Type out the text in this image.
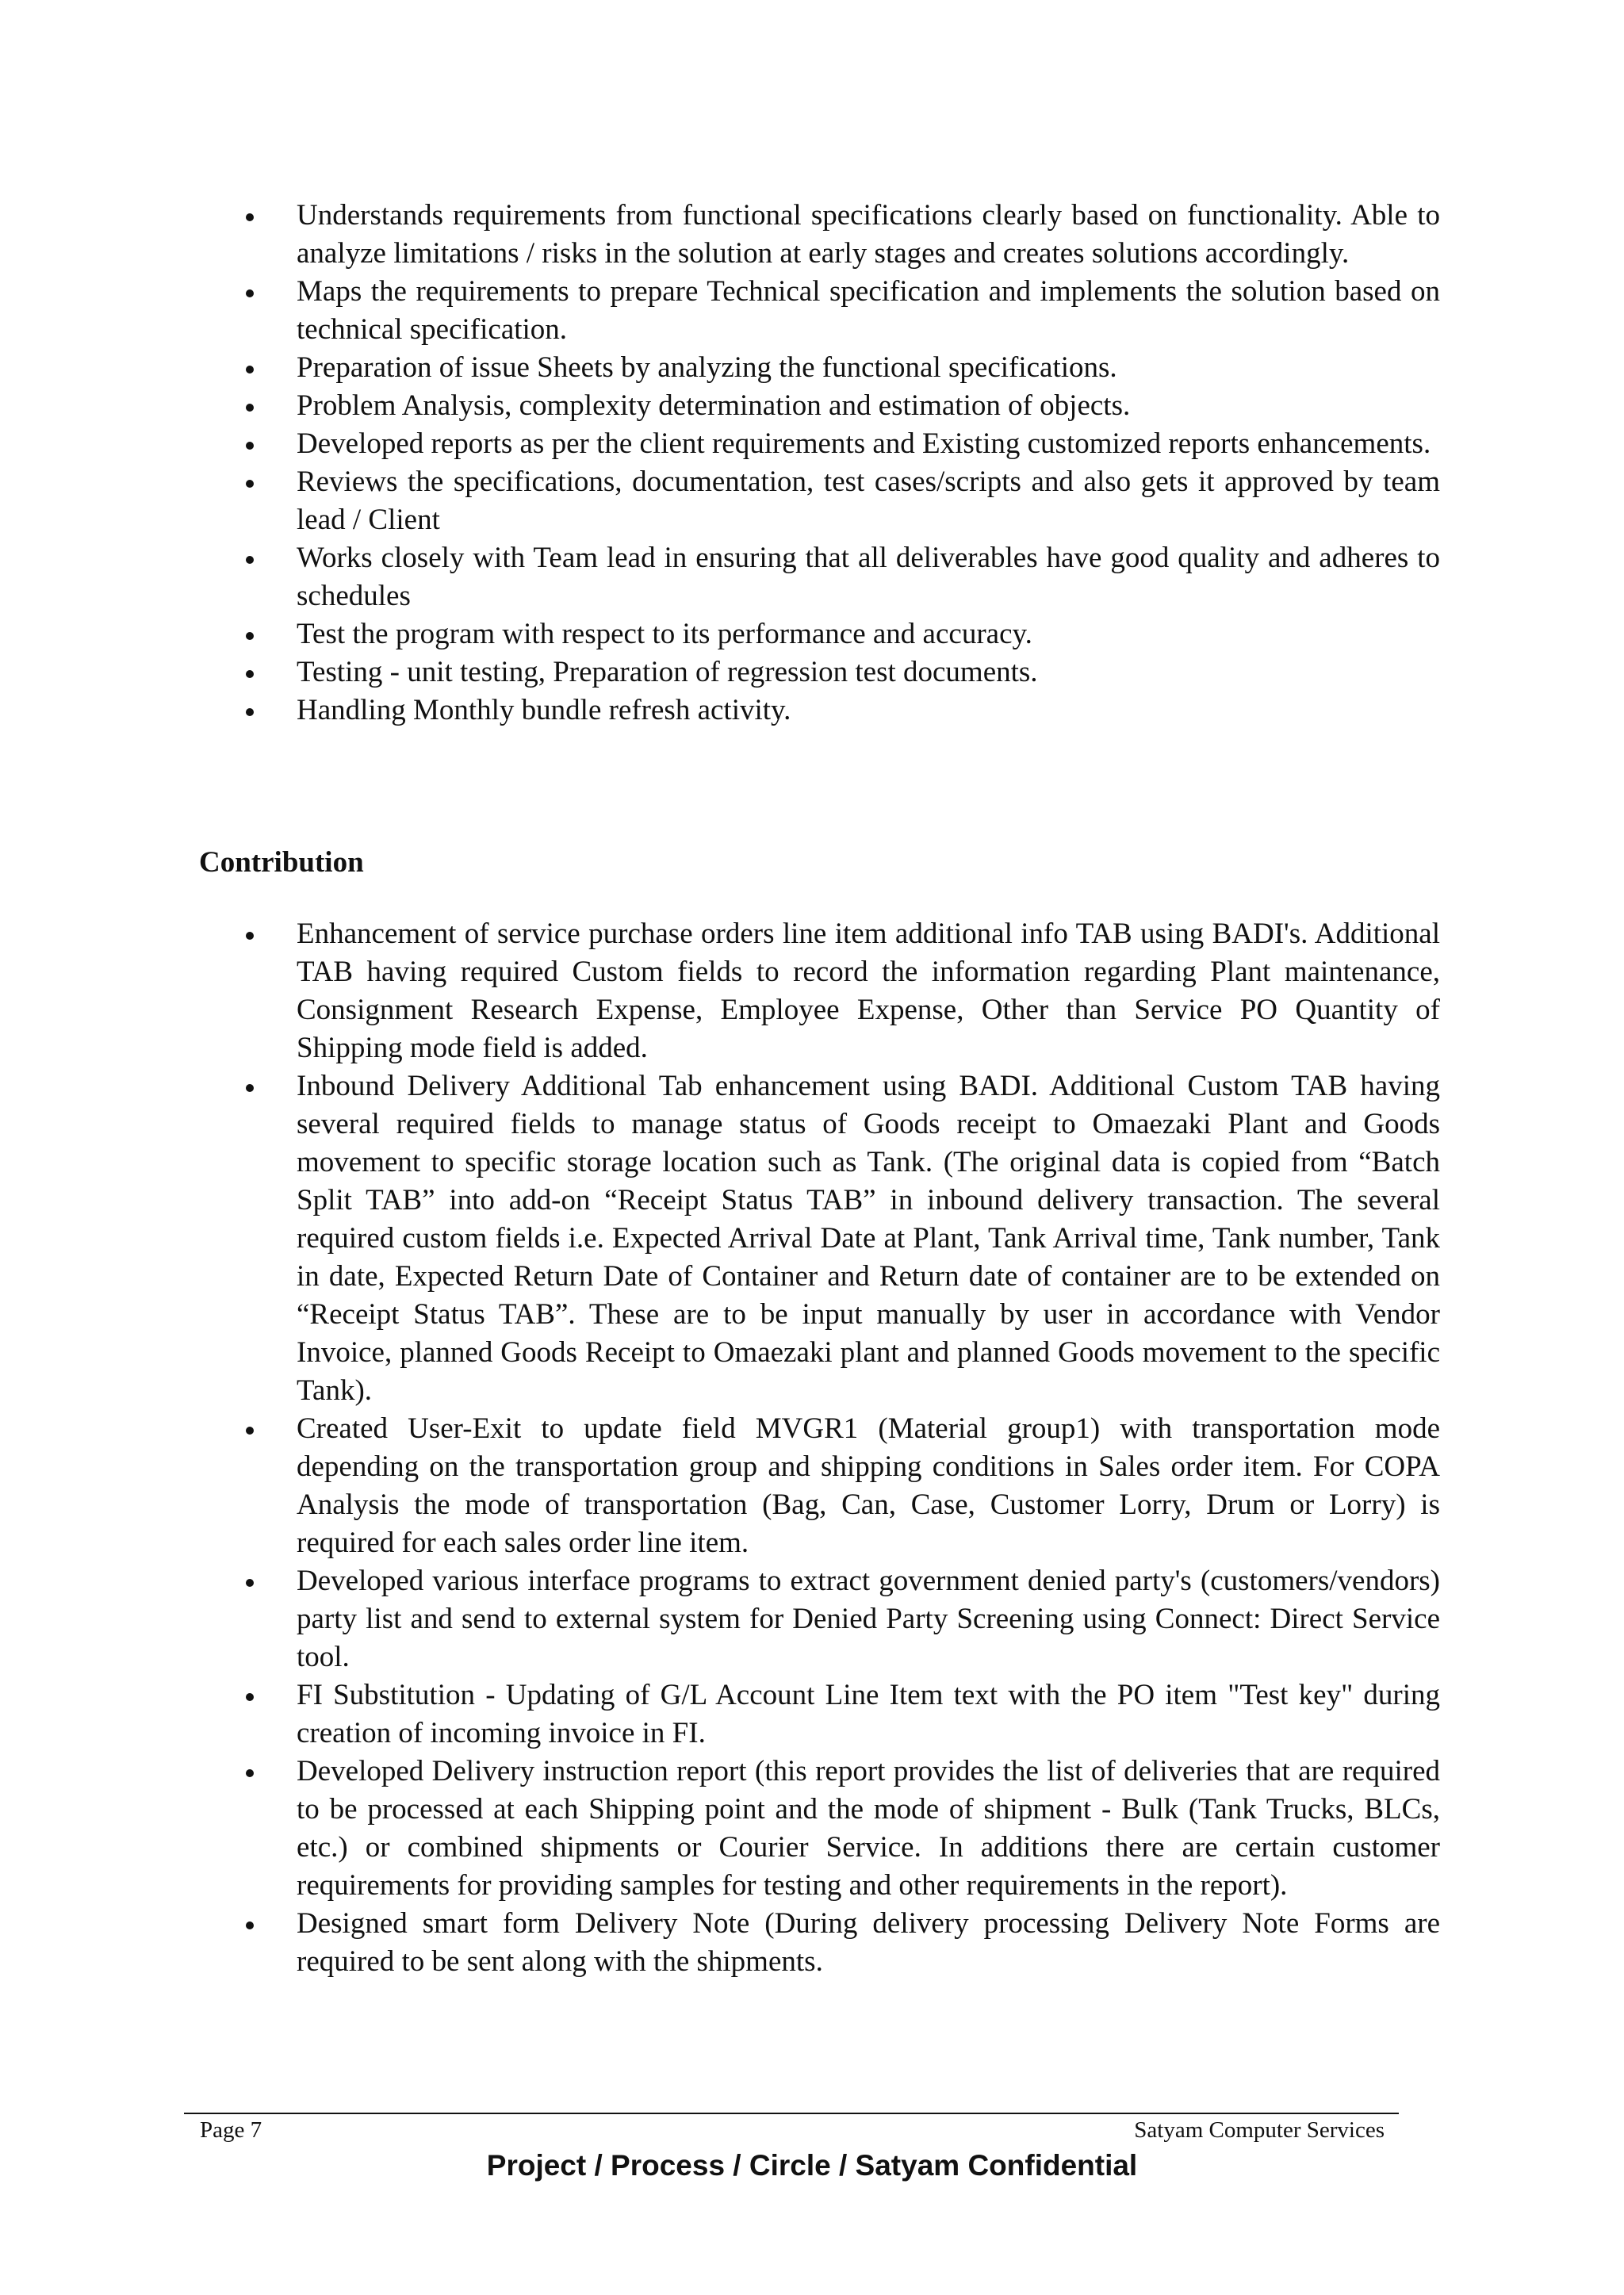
Understands requirements from functional specifications clearly based on functionality. Able to analyze limitations / risks in the solution at early stages and creates solutions accordingly.
Maps the requirements to prepare Technical specification and implements the solution based on technical specification.
Preparation of issue Sheets by analyzing the functional specifications.
Problem Analysis, complexity determination and estimation of objects.
Developed reports as per the client requirements and Existing customized reports enhancements.
Reviews the specifications, documentation, test cases/scripts and also gets it approved by team lead / Client
Works closely with Team lead in ensuring that all deliverables have good quality and adheres to schedules
Test the program with respect to its performance and accuracy.
Testing - unit testing, Preparation of regression test documents.
Handling Monthly bundle refresh activity.
Contribution
Enhancement of service purchase orders line item additional info TAB using BADI's. Additional TAB having required Custom fields to record the information regarding Plant maintenance, Consignment Research Expense, Employee Expense, Other than Service PO Quantity of Shipping mode field is added.
Inbound Delivery Additional Tab enhancement using BADI. Additional Custom TAB having several required fields to manage status of Goods receipt to Omaezaki Plant and Goods movement to specific storage location such as Tank. (The original data is copied from “Batch Split TAB” into add-on “Receipt Status TAB” in inbound delivery transaction. The several required custom fields i.e. Expected Arrival Date at Plant, Tank Arrival time, Tank number, Tank in date, Expected Return Date of Container and Return date of container are to be extended on “Receipt Status TAB”. These are to be input manually by user in accordance with Vendor Invoice, planned Goods Receipt to Omaezaki plant and planned Goods movement to the specific Tank).
Created User-Exit to update field MVGR1 (Material group1) with transportation mode depending on the transportation group and shipping conditions in Sales order item. For COPA Analysis the mode of transportation (Bag, Can, Case, Customer Lorry, Drum or Lorry) is required for each sales order line item.
Developed various interface programs to extract government denied party's (customers/vendors) party list and send to external system for Denied Party Screening using Connect: Direct Service tool.
FI Substitution - Updating of G/L Account Line Item text with the PO item "Test key" during creation of incoming invoice in FI.
Developed Delivery instruction report (this report provides the list of deliveries that are required to be processed at each Shipping point and the mode of shipment - Bulk (Tank Trucks, BLCs, etc.) or combined shipments or Courier Service. In additions there are certain customer requirements for providing samples for testing and other requirements in the report).
Designed smart form Delivery Note (During delivery processing Delivery Note Forms are required to be sent along with the shipments.
Page 7	Satyam Computer Services
Project / Process / Circle / Satyam Confidential
